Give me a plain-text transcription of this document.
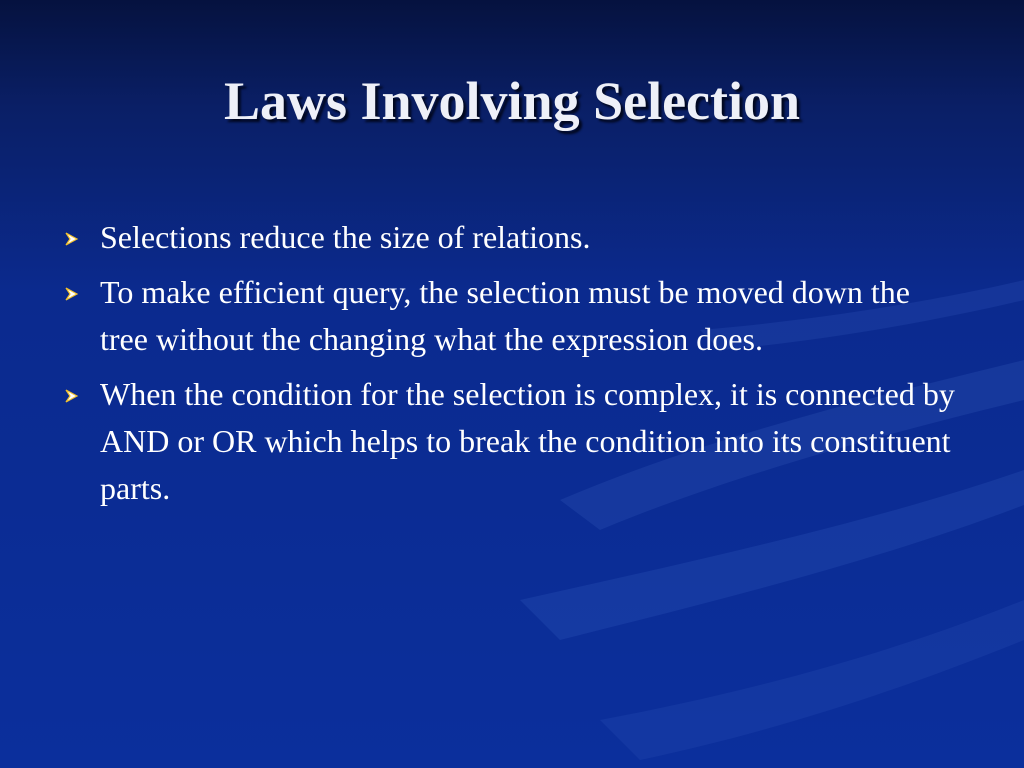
Laws Involving Selection
Selections reduce the size of relations.
To make efficient query, the selection must be moved down the tree without the changing what the expression does.
When the condition for the selection is complex, it is connected by AND or OR which helps to break the condition into its constituent parts.
